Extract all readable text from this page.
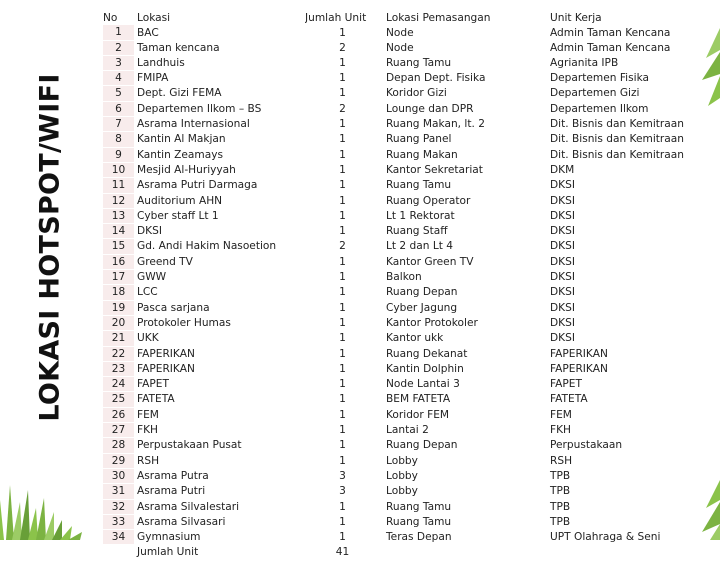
LOKASI HOTSPOT/WIFI
No	Lokasi	Jumlah Unit	Lokasi Pemasangan	Unit Kerja
1	BAC	1	Node	Admin Taman Kencana
2	Taman kencana	2	Node	Admin Taman Kencana
3	Landhuis	1	Ruang Tamu	Agrianita IPB
4	FMIPA	1	Depan Dept. Fisika	Departemen Fisika
5	Dept. Gizi FEMA	1	Koridor Gizi	Departemen Gizi
6	Departemen Ilkom – BS	2	Lounge dan DPR	Departemen Ilkom
7	Asrama Internasional	1	Ruang Makan, lt. 2	Dit. Bisnis dan Kemitraan
8	Kantin Al Makjan	1	Ruang Panel	Dit. Bisnis dan Kemitraan
9	Kantin Zeamays	1	Ruang Makan	Dit. Bisnis dan Kemitraan
10	Mesjid Al-Huriyyah	1	Kantor Sekretariat	DKM
11	Asrama Putri Darmaga	1	Ruang Tamu	DKSI
12	Auditorium AHN	1	Ruang Operator	DKSI
13	Cyber staff Lt 1	1	Lt 1 Rektorat	DKSI
14	DKSI	1	Ruang Staff	DKSI
15	Gd. Andi Hakim Nasoetion	2	Lt 2 dan Lt 4	DKSI
16	Greend TV	1	Kantor Green TV	DKSI
17	GWW	1	Balkon	DKSI
18	LCC	1	Ruang Depan	DKSI
19	Pasca sarjana	1	Cyber Jagung	DKSI
20	Protokoler Humas	1	Kantor Protokoler	DKSI
21	UKK	1	Kantor ukk	DKSI
22	FAPERIKAN	1	Ruang Dekanat	FAPERIKAN
23	FAPERIKAN	1	Kantin Dolphin	FAPERIKAN
24	FAPET	1	Node Lantai 3	FAPET
25	FATETA	1	BEM FATETA	FATETA
26	FEM	1	Koridor FEM	FEM
27	FKH	1	Lantai 2	FKH
28	Perpustakaan Pusat	1	Ruang Depan	Perpustakaan
29	RSH	1	Lobby	RSH
30	Asrama Putra	3	Lobby	TPB
31	Asrama Putri	3	Lobby	TPB
32	Asrama Silvalestari	1	Ruang Tamu	TPB
33	Asrama Silvasari	1	Ruang Tamu	TPB
34	Gymnasium	1	Teras Depan	UPT Olahraga & Seni
	Jumlah Unit	41		
